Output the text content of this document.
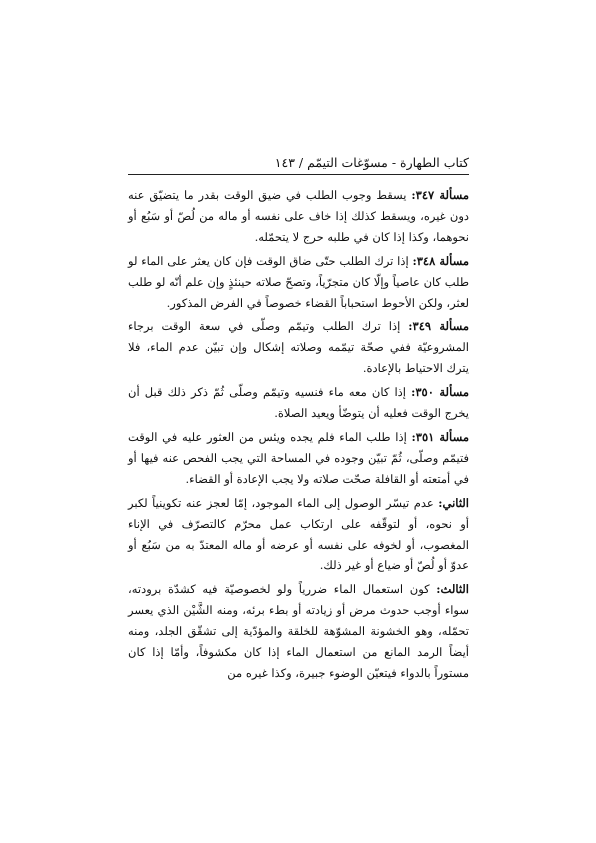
كتاب الطهارة - مسوّغات التيمّم / ١٤٣

مسألة ٣٤٧: يسقط وجوب الطلب في ضيق الوقت بقدر ما يتضيّق عنه دون غيره، ويسقط كذلك إذا خاف على نفسه أو ماله من لُصّ أو سَبُع أو نحوهما، وكذا إذا كان في طلبه حرج لا يتحمّله.

مسألة ٣٤٨: إذا ترك الطلب حتّى ضاق الوقت فإن كان يعثر على الماء لو طلب كان عاصياً وإلّا كان متجرّياً، وتصحّ صلاته حينئذٍ وإن علم أنّه لو طلب لعثر، ولكن الأحوط استحباباً القضاء خصوصاً في الفرض المذكور.

مسألة ٣٤٩: إذا ترك الطلب وتيمّم وصلّى في سعة الوقت برجاء المشروعيّة ففي صحّة تيمّمه وصلاته إشكال وإن تبيّن عدم الماء، فلا يترك الاحتياط بالإعادة.

مسألة ٣٥٠: إذا كان معه ماء فنسيه وتيمّم وصلّى ثُمّ ذكر ذلك قبل أن يخرج الوقت فعليه أن يتوضّأ ويعيد الصلاة.

مسألة ٣٥١: إذا طلب الماء فلم يجده ويئس من العثور عليه في الوقت فتيمّم وصلّى، ثُمّ تبيّن وجوده في المساحة التي يجب الفحص عنه فيها أو في أمتعته أو القافلة صحّت صلاته ولا يجب الإعادة أو القضاء.

الثاني: عدم تيسّر الوصول إلى الماء الموجود، إمّا لعجز عنه تكوينياً لكبر أو نحوه، أو لتوقّفه على ارتكاب عمل محرّم كالتصرّف في الإناء المغصوب، أو لخوفه على نفسه أو عرضه أو ماله المعتدّ به من سَبُع أو عدوّ أو لُصّ أو ضياع أو غير ذلك.

الثالث: كون استعمال الماء ضررياً ولو لخصوصيّة فيه كشدّة برودته، سواء أوجب حدوث مرض أو زيادته أو بطء برئه، ومنه الشَّيْن الذي يعسر تحمّله، وهو الخشونة المشوّهة للخلقة والمؤدّية إلى تشقّق الجلد، ومنه أيضاً الرمد المانع من استعمال الماء إذا كان مكشوفاً، وأمّا إذا كان مستوراً بالدواء فيتعيّن الوضوء جبيرة، وكذا غيره من
